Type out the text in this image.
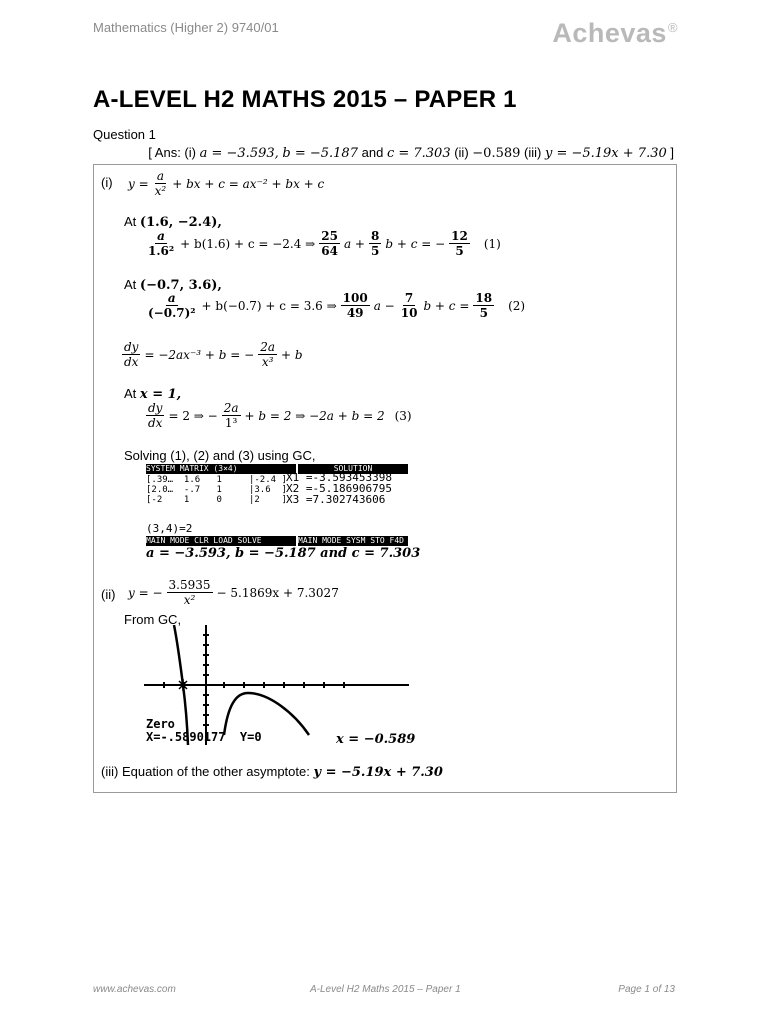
Mathematics (Higher 2) 9740/01	Achevas®
A-LEVEL H2 MATHS 2015 – PAPER 1
Question 1
[ Ans: (i) a = −3.593, b = −5.187 and c = 7.303 (ii) −0.589 (iii) y = −5.19x + 7.30 ]
(i) $y = \frac{a}{\text{x²}}$ + bx + c = ax⁻² + bx + c
At (1.6, −2.4),
$\frac{a}{\text{1.6²}} + b(1.6) + c = -2.4$ ⇒ $\frac{25}{64}$ $a + \frac{8}{5}$ b + c = − $\frac{12}{5} (1)$
At (−0.7, 3.6),
$\frac{a}{\text{(−0.7)²}} + b(-0.7) + c = 3.6$ ⇒ $\frac{100}{49}$ $a - \frac{7}{10}$ $b + c = \frac{18}{5} (2)$
$\frac{dy}{dx} = -2ax^{-3} + b$ = − $\frac{2a}{\text{x³}} + b$
At x = 1,
$\frac{dy}{dx} = 2$ ⇒ − $\frac{2a}{\text{1³}} + b = 2$ ⇒ −2a + b = 2 (3)
Solving (1), (2) and (3) using GC,
SYSTEM MATRIX (3×4)	SOLUTION
[.39…  1.6   1     |-2.4 ]
[2.0…  -.7   1     |3.6  ]
[-2    1     0     |2    ]
X1 =-3.593453398
X2 =-5.186906795
X3 =7.302743606
(3,4)=2
MAIN MODE CLR LOAD SOLVE	MAIN MODE SYSM STO F4D
a = −3.593, b = −5.187 and c = 7.303
(ii) y = − $\frac{3.5935}{\text{x²}} - 5.1869x + 7.3027$
From GC,
Zero
X=-.5890177  Y=0	x = −0.589
(iii) Equation of the other asymptote: y = −5.19x + 7.30
www.achevas.com	A-Level H2 Maths 2015 – Paper 1	Page 1 of 13
